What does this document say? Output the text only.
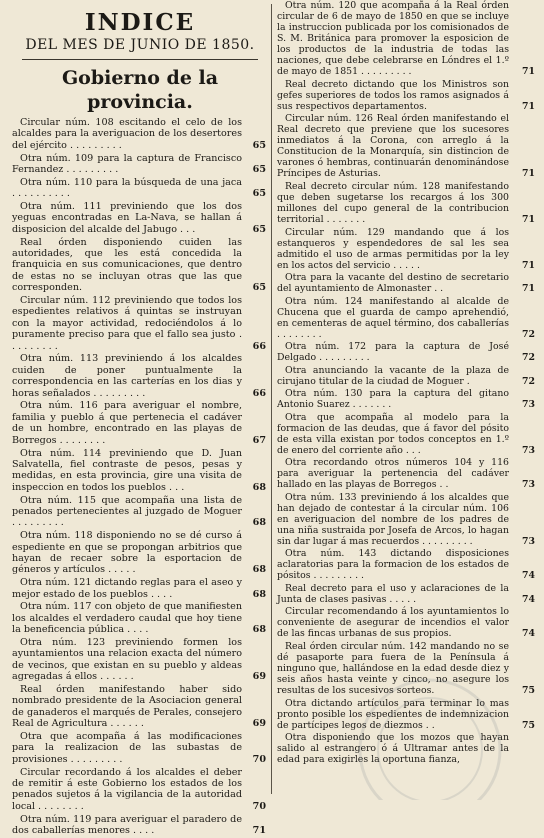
INDICE
DEL MES DE JUNIO DE 1850.
Gobierno de la provincia.

Circular núm. 108 escitando el celo de los alcaldes para la averiguacion de los desertores del ejército . . . . . . . . .	65

Otra núm. 109 para la captura de Francisco Fernandez . . . . . . . . .	65

Otra núm. 110 para la búsqueda de una jaca . . . . . . . . . .	65

Otra núm. 111 previniendo que los dos yeguas encontradas en La-Nava, se hallan á disposicion del alcalde del Jabugo . . .	65

Real órden disponiendo cuiden las autoridades, que les está concedida la franquicia en sus comunicaciones, que dentro de estas no se incluyan otras que las que corresponden.	65

Circular núm. 112 previniendo que todos los espedientes relativos á quintas se instruyan con la mayor actividad, redociéndolos á lo puramente preciso para que el fallo sea justo . . . . . . . . .	66

Otra núm. 113 previniendo á los alcaldes cuiden de poner puntualmente la correspondencia en las carterías en los dias y horas señalados . . . . . . . . .	66

Otra núm. 116 para averiguar el nombre, familia y pueblo á que pertenecia el cadáver de un hombre, encontrado en las playas de Borregos . . . . . . . .	67

Otra núm. 114 previniendo que D. Juan Salvatella, fiel contraste de pesos, pesas y medidas, en esta provincia, gire una visita de inspeccion en todos los pueblos . . .	68

Otra núm. 115 que acompaña una lista de penados pertenecientes al juzgado de Moguer . . . . . . . . .	68

Otra núm. 118 disponiendo no se dé curso á espediente en que se propongan arbitrios que hayan de recaer sobre la esportacion de géneros y artículos . . . . .	68

Otra núm. 121 dictando reglas para el aseo y mejor estado de los pueblos . . . .	68

Otra núm. 117 con objeto de que manifiesten los alcaldes el verdadero caudal que hoy tiene la beneficencia pública . . . .	68

Otra núm. 123 previniendo formen los ayuntamientos una relacion exacta del número de vecinos, que existan en su pueblo y aldeas agregadas á ellos . . . . . .	69

Real órden manifestando haber sido nombrado presidente de la Asociacion general de ganaderos el marqués de Perales, consejero Real de Agricultura . . . . . .	69

Otra que acompaña á las modificaciones para la realizacion de las subastas de provisiones . . . . . . . . .	70

Circular recordando á los alcaldes el deber de remitir á este Gobierno los estados de los penados sujetos á la vigilancia de la autoridad local . . . . . . . .	70

Otra núm. 119 para averiguar el paradero de dos caballerías menores . . . .	71

Otra núm. 120 que acompaña á la Real órden circular de 6 de mayo de 1850 en que se incluye la instruccion publicada por los comisionados de S. M. Británica para promover la esposicion de los productos de la industria de todas las naciones, que debe celebrarse en Lóndres el 1.º de mayo de 1851 . . . . . . . . .	71

Real decreto dictando que los Ministros son gefes superiores de todos los ramos asignados á sus respectivos departamentos.	71

Circular núm. 126 Real órden manifestando el Real decreto que previene que los sucesores inmediatos á la Corona, con arreglo á la Constitucion de la Monarquía, sin distincion de varones ó hembras, continuarán denominándose Príncipes de Asturias.	71

Real decreto circular núm. 128 manifestando que deben sugetarse los recargos á los 300 millones del cupo general de la contribucion territorial . . . . . . .	71

Circular núm. 129 mandando que á los estanqueros y espendedores de sal les sea admitido el uso de armas permitidas por la ley en los actos del servicio . . . . .	71

Otra para la vacante del destino de secretario del ayuntamiento de Almonaster . .	71

Otra núm. 124 manifestando al alcalde de Chucena que el guarda de campo aprehendió, en cementeras de aquel término, dos caballerías . . . . . . . .	72

Otra núm. 172 para la captura de José Delgado . . . . . . . . .	72

Otra anunciando la vacante de la plaza de cirujano titular de la ciudad de Moguer .	72

Otra núm. 130 para la captura del gitano Antonio Suarez . . . . . . .	73

Otra que acompaña al modelo para la formacion de las deudas, que á favor del pósito de esta villa existan por todos conceptos en 1.º de enero del corriente año . . .	73

Otra recordando otros números 104 y 116 para averiguar la pertenencia del cadáver hallado en las playas de Borregos . .	73

Otra núm. 133 previniendo á los alcaldes que han dejado de contestar á la circular núm. 106 en averiguacion del nombre de los padres de una niña sustraida por Josefa de Arcos, lo hagan sin dar lugar á mas recuerdos . . . . . . . . .	73

Otra núm. 143 dictando disposiciones aclaratorias para la formacion de los estados de pósitos . . . . . . . . .	74

Real decreto para el uso y aclaraciones de la Junta de clases pasivas . . . . .	74

Circular recomendando á los ayuntamientos lo conveniente de asegurar de incendios el valor de las fincas urbanas de sus propios.	74

Real órden circular núm. 142 mandando no se dé pasaporte para fuera de la Península á ninguno que, hallándose en la edad desde diez y seis años hasta veinte y cinco, no asegure los resultas de los sucesivos sorteos.	75

Otra dictando artículos para terminar lo mas pronto posible los espedientes de indemnizacion de partícipes legos de diezmos . .	75

Otra disponiendo que los mozos que hayan salido al estrangero ó á Ultramar antes de la edad para exigirles la oportuna fianza,
